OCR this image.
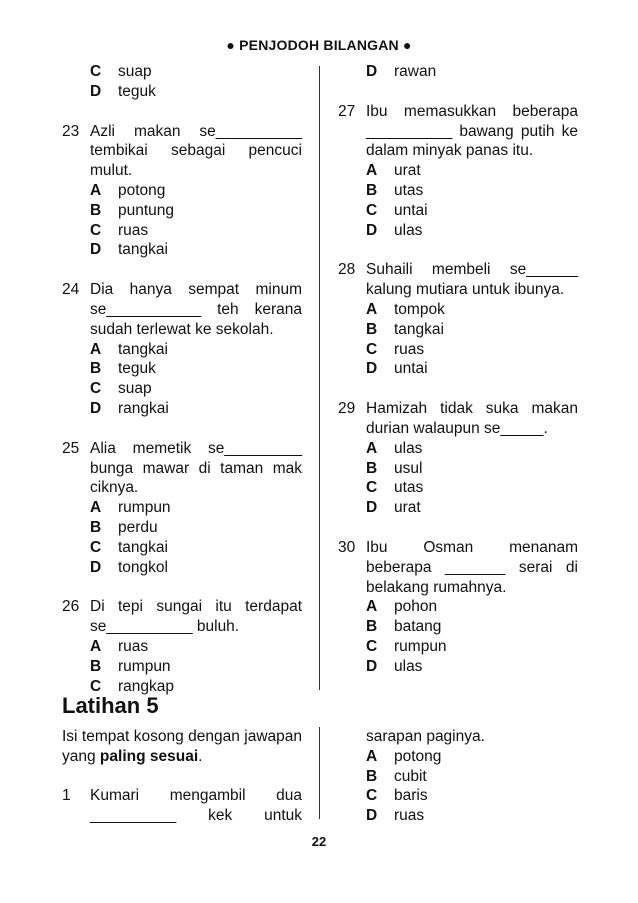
● PENJODOH BILANGAN ●
C	suap
D	teguk
23 Azli makan se__________ tembikai sebagai pencuci mulut.
A	potong
B	puntung
C	ruas
D	tangkai
24 Dia hanya sempat minum se___________ teh kerana sudah terlewat ke sekolah.
A	tangkai
B	teguk
C	suap
D	rangkai
25 Alia memetik se_________ bunga mawar di taman mak ciknya.
A	rumpun
B	perdu
C	tangkai
D	tongkol
26 Di tepi sungai itu terdapat se__________ buluh.
A	ruas
B	rumpun
C	rangkap
D	rawan
27 Ibu memasukkan beberapa __________ bawang putih ke dalam minyak panas itu.
A	urat
B	utas
C	untai
D	ulas
28 Suhaili membeli se______ kalung mutiara untuk ibunya.
A	tompok
B	tangkai
C	ruas
D	untai
29 Hamizah tidak suka makan durian walaupun se_____.
A	ulas
B	usul
C	utas
D	urat
30 Ibu Osman menanam beberapa _______ serai di belakang rumahnya.
A	pohon
B	batang
C	rumpun
D	ulas
Latihan 5
Isi tempat kosong dengan jawapan yang paling sesuai.
1 Kumari mengambil dua __________ kek untuk
sarapan paginya.
A	potong
B	cubit
C	baris
D	ruas
22
